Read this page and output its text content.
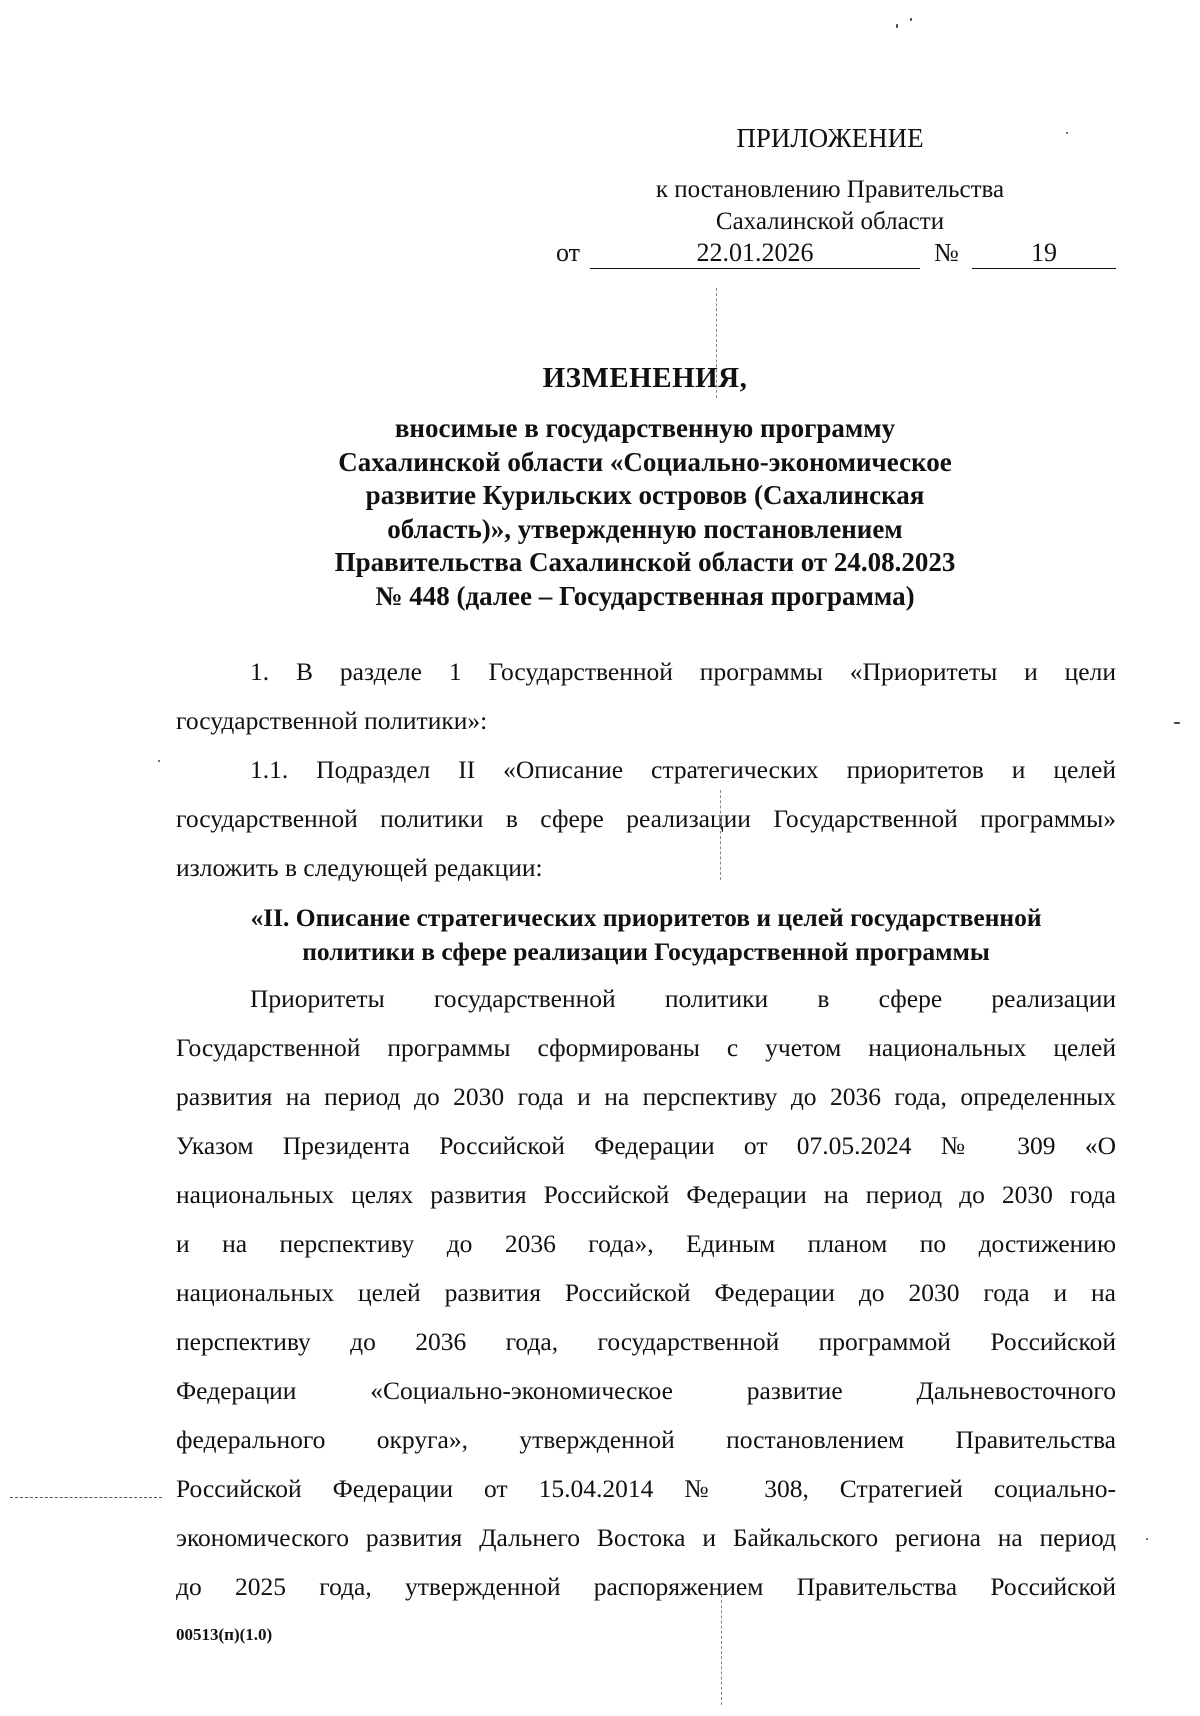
ПРИЛОЖЕНИЕ
к постановлению Правительства
Сахалинской области
от	22.01.2026	№	19
ИЗМЕНЕНИЯ,
вносимые в государственную программу
Сахалинской области «Социально-экономическое
развитие Курильских островов (Сахалинская
область)», утвержденную постановлением
Правительства Сахалинской области от 24.08.2023
№ 448 (далее – Государственная программа)
1. В разделе 1 Государственной программы «Приоритеты и цели
государственной политики»:
1.1. Подраздел II «Описание стратегических приоритетов и целей
государственной политики в сфере реализации Государственной программы»
изложить в следующей редакции:
«II. Описание стратегических приоритетов и целей государственной
политики в сфере реализации Государственной программы
Приоритеты государственной политики в сфере реализации
Государственной программы сформированы с учетом национальных целей
развития на период до 2030 года и на перспективу до 2036 года, определенных
Указом Президента Российской Федерации от 07.05.2024 № 309 «О
национальных целях развития Российской Федерации на период до 2030 года
и на перспективу до 2036 года», Единым планом по достижению
национальных целей развития Российской Федерации до 2030 года и на
перспективу до 2036 года, государственной программой Российской
Федерации «Социально-экономическое развитие Дальневосточного
федерального округа», утвержденной постановлением Правительства
Российской Федерации от 15.04.2014 № 308, Стратегией социально-
экономического развития Дальнего Востока и Байкальского региона на период
до 2025 года, утвержденной распоряжением Правительства Российской
00513(п)(1.0)
